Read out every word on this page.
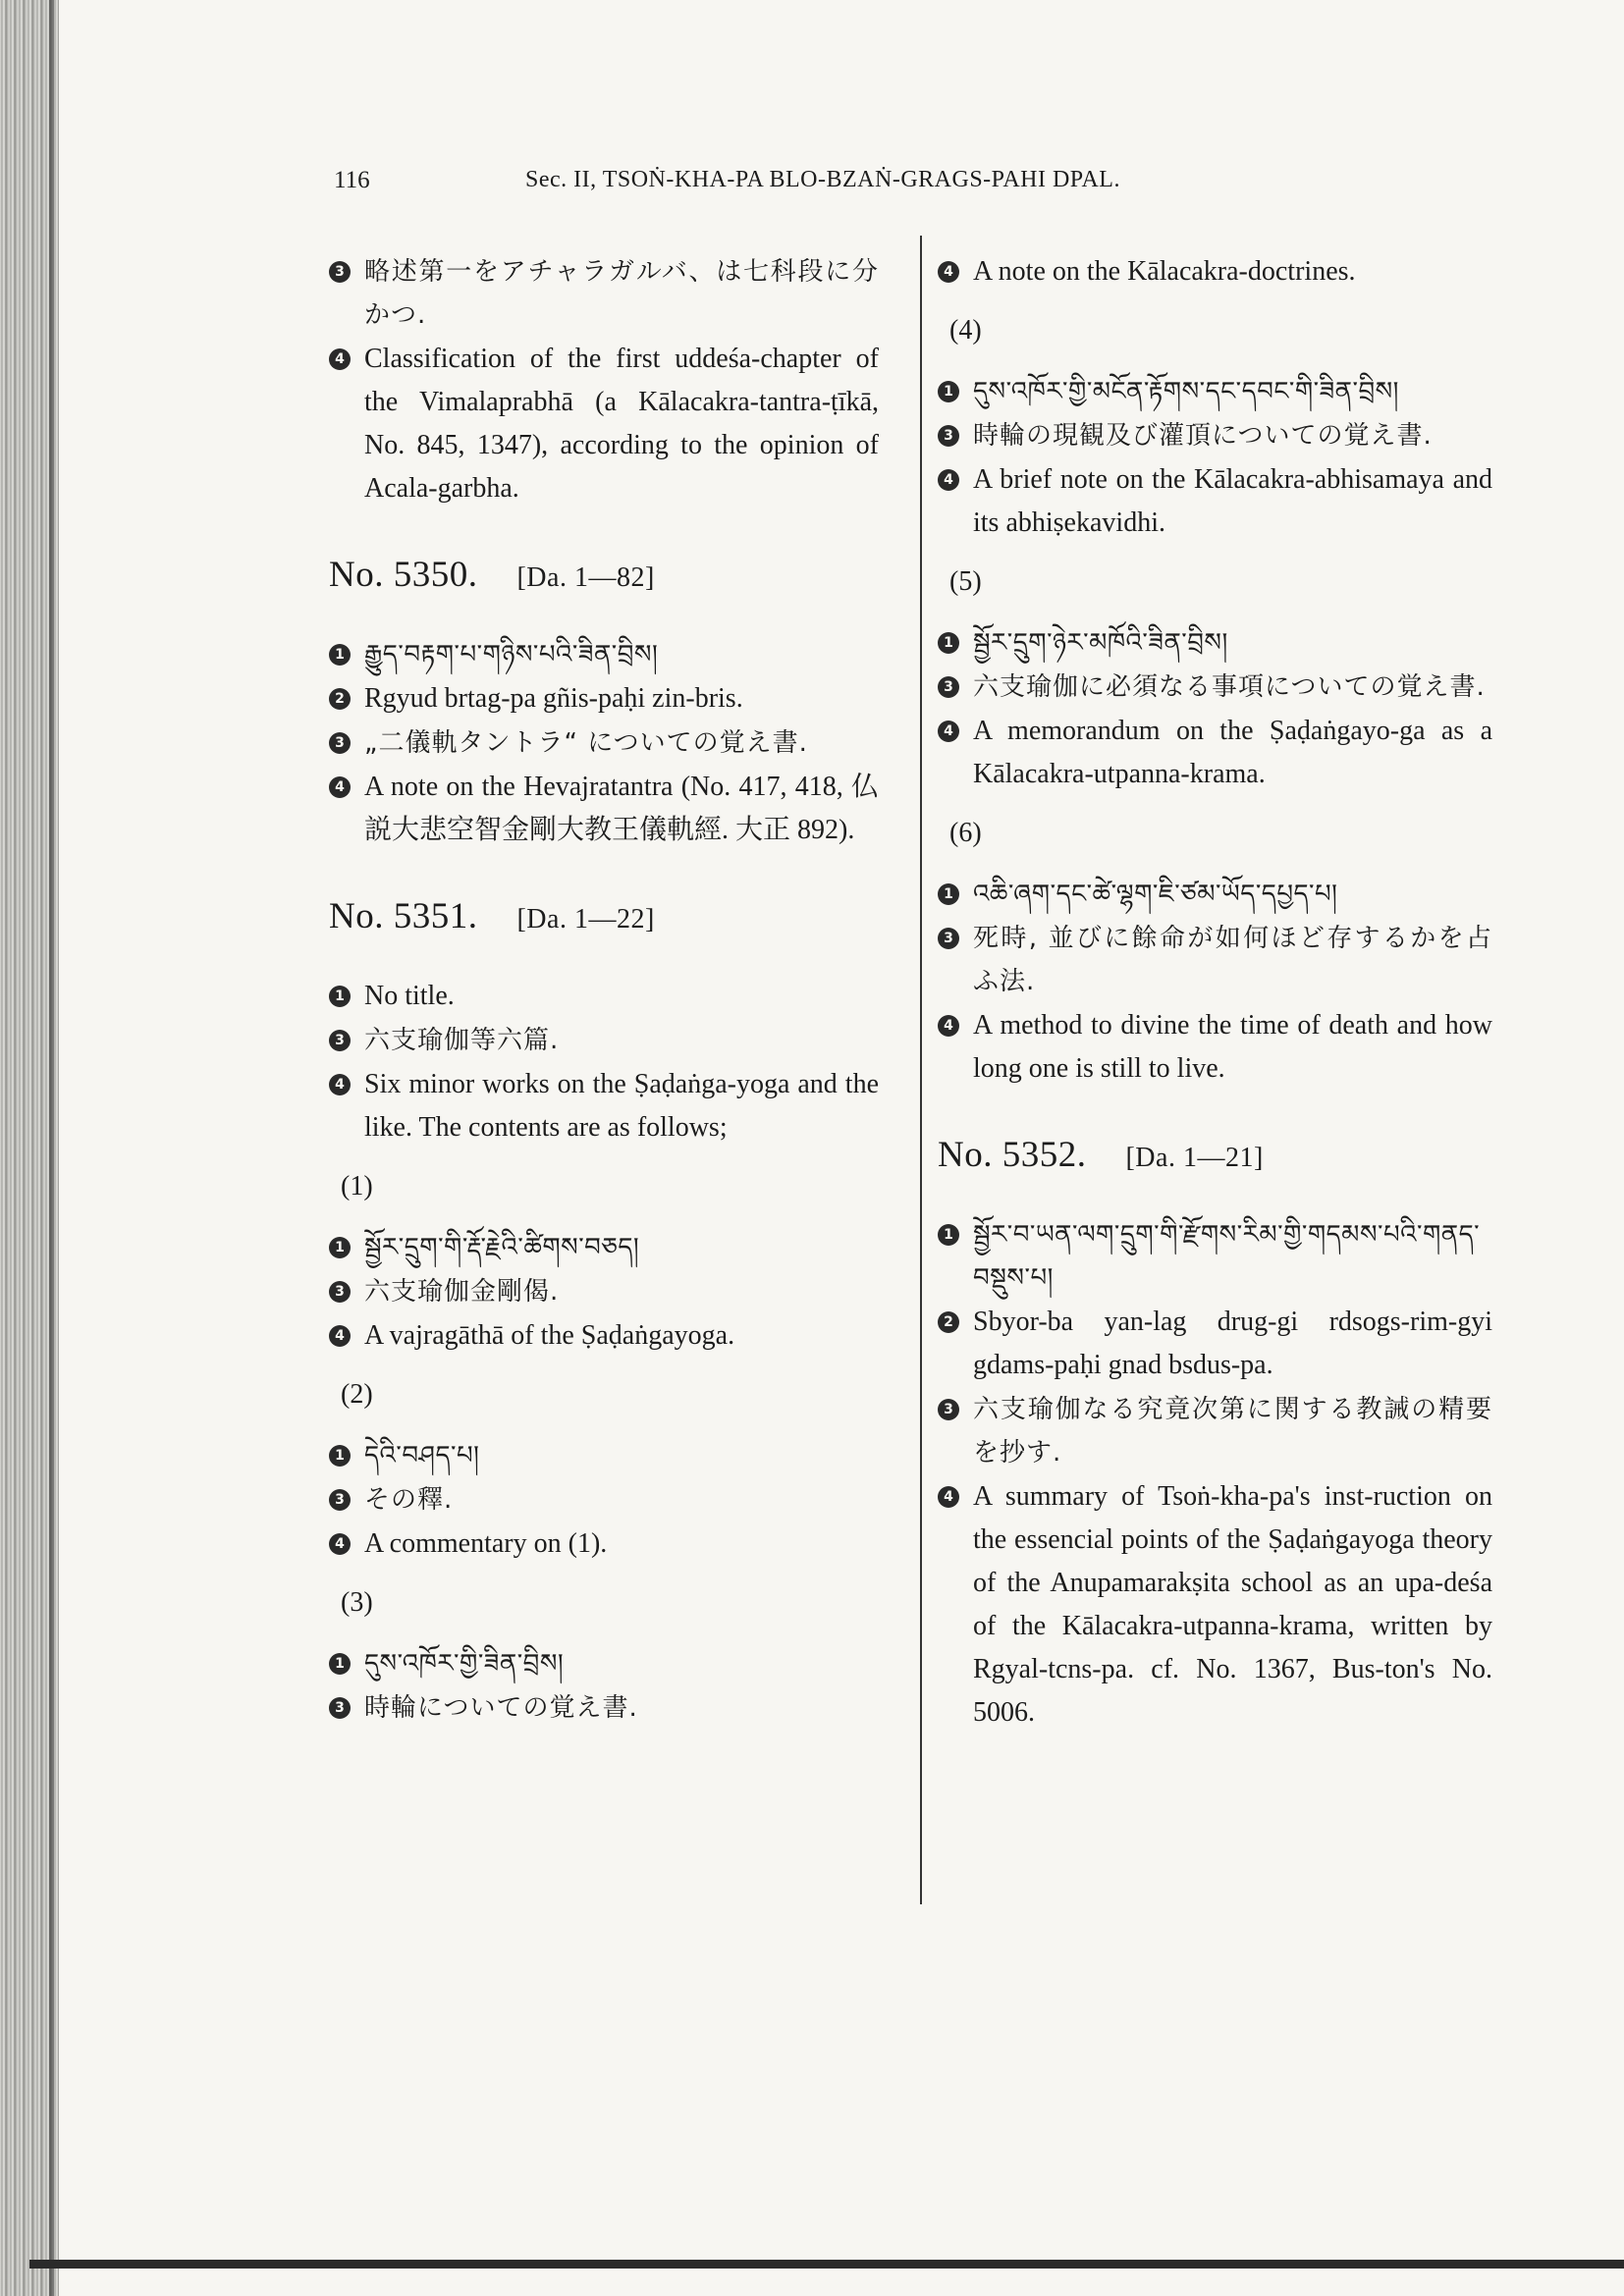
116	Sec. II, TSOṄ-KHA-PA BLO-BZAṄ-GRAGS-PAHI DPAL.
3 略述第一をアチャラガルバ、は七科段に分かつ.
4 Classification of the first uddeśa-chapter of the Vimalaprabhā (a Kālacakra-tantra-ṭīkā, No. 845, 1347), according to the opinion of Acala-garbha.
No. 5350. [Da. 1—82]
1 རྒྱུད་བརྟག་པ་གཉིས་པའི་ཟིན་བྲིས།
2 Rgyud brtag-pa gñis-paḥi zin-bris.
3 „二儀軌タントラ“ についての覚え書.
4 A note on the Hevajratantra (No. 417, 418, 仏説大悲空智金剛大教王儀軌經. 大正 892).
No. 5351. [Da. 1—22]
1 No title.
3 六支瑜伽等六篇.
4 Six minor works on the Ṣaḍaṅga-yoga and the like. The contents are as follows;
(1)
1 སྦྱོར་དྲུག་གི་རྡོ་རྗེའི་ཚིགས་བཅད།
3 六支瑜伽金剛偈.
4 A vajragāthā of the Ṣaḍaṅgayoga.
(2)
1 དེའི་བཤད་པ།
3 その釋.
4 A commentary on (1).
(3)
1 དུས་འཁོར་གྱི་ཟིན་བྲིས།
3 時輪についての覚え書.
4 A note on the Kālacakra-doctrines.
(4)
1 དུས་འཁོར་གྱི་མངོན་རྟོགས་དང་དབང་གི་ཟིན་བྲིས།
3 時輪の現観及び灌頂についての覚え書.
4 A brief note on the Kālacakra-abhisamaya and its abhiṣekavidhi.
(5)
1 སྦྱོར་དྲུག་ཉེར་མཁོའི་ཟིན་བྲིས།
3 六支瑜伽に必須なる事項についての覚え書.
4 A memorandum on the Ṣaḍaṅgayo-ga as a Kālacakra-utpanna-krama.
(6)
1 འཆི་ཞག་དང་ཚེ་ལྷག་ཇི་ཙམ་ཡོད་དཔྱད་པ།
3 死時, 並びに餘命が如何ほど存するかを占ふ法.
4 A method to divine the time of death and how long one is still to live.
No. 5352. [Da. 1—21]
1 སྦྱོར་བ་ཡན་ལག་དྲུག་གི་རྫོགས་རིམ་གྱི་གདམས་པའི་གནད་བསྡུས་པ།
2 Sbyor-ba yan-lag drug-gi rdsogs-rim-gyi gdams-paḥi gnad bsdus-pa.
3 六支瑜伽なる究竟次第に関する教誡の精要を抄す.
4 A summary of Tsoṅ-kha-pa's inst-ruction on the essencial points of the Ṣaḍaṅgayoga theory of the Anupamarakṣita school as an upa-deśa of the Kālacakra-utpanna-krama, written by Rgyal-tcns-pa. cf. No. 1367, Bus-ton's No. 5006.
